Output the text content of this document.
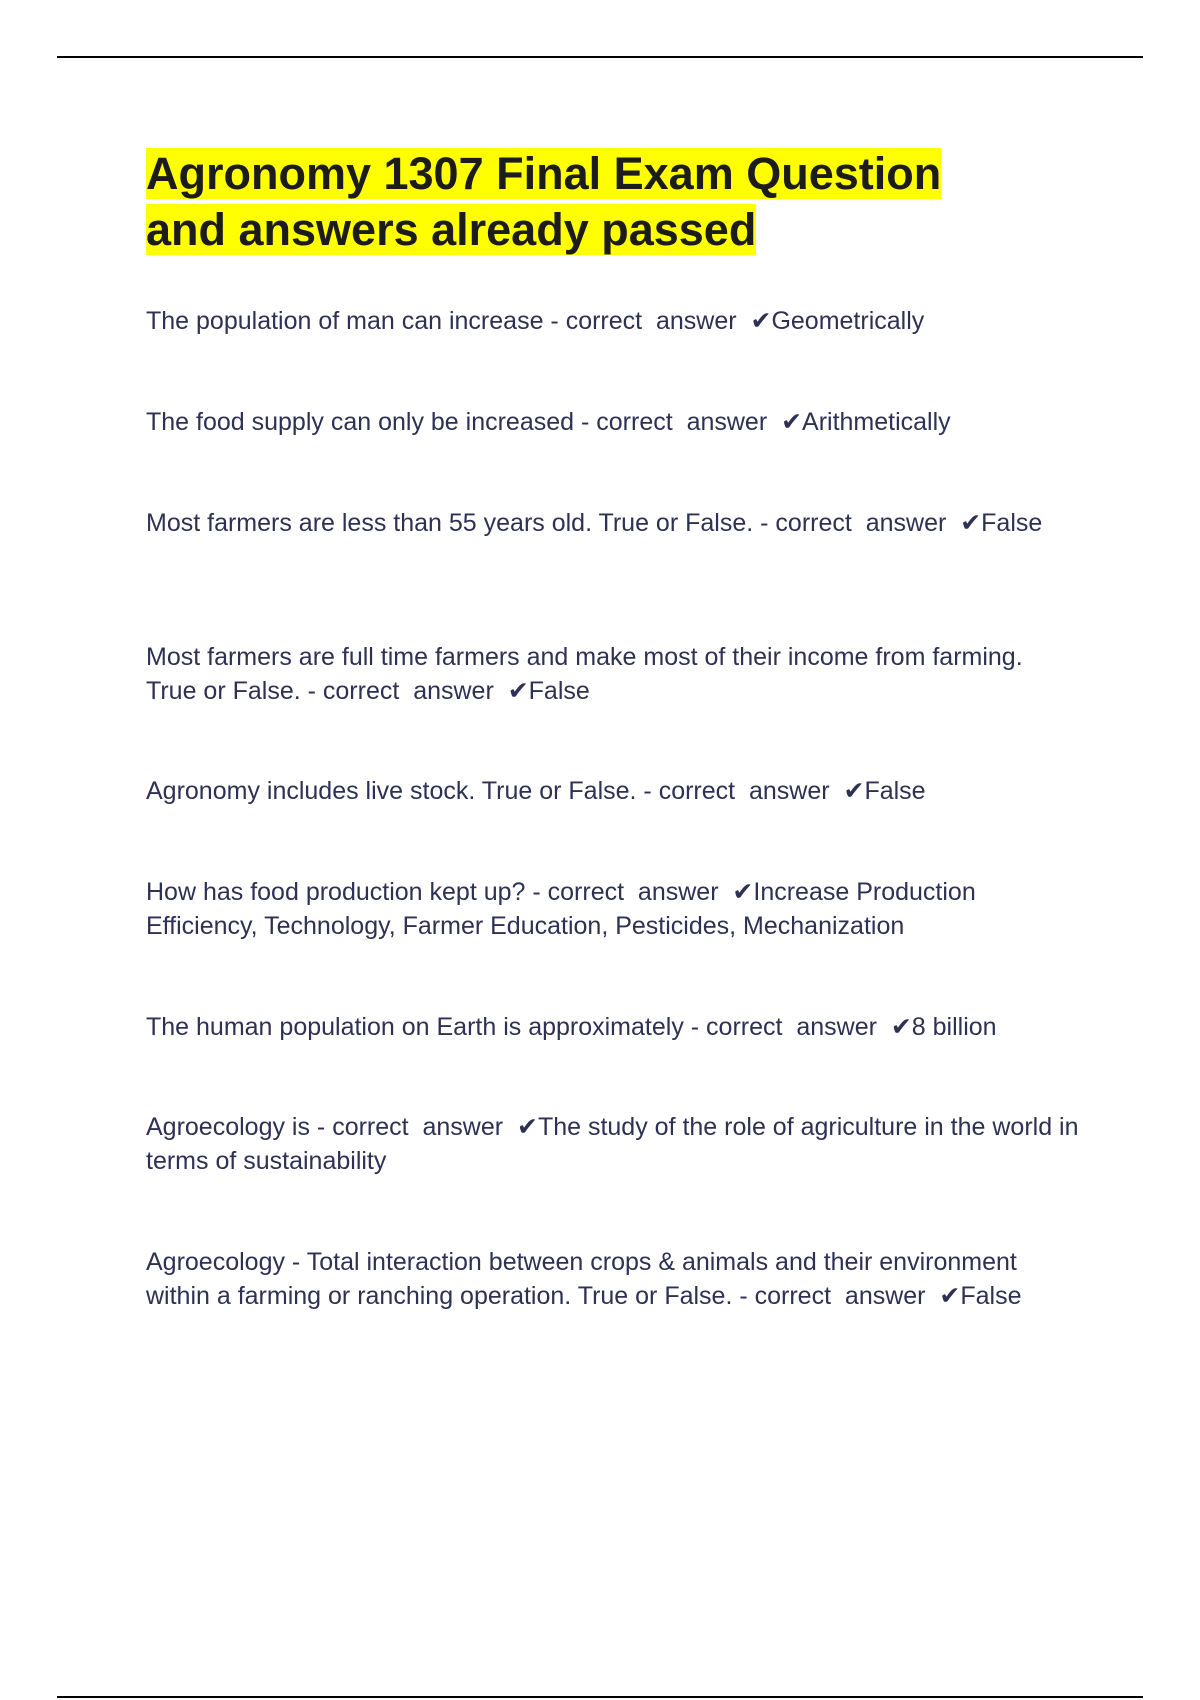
Agronomy 1307 Final Exam Question
and answers already passed
The population of man can increase - correct  answer  ✔Geometrically
The food supply can only be increased - correct  answer  ✔Arithmetically
Most farmers are less than 55 years old. True or False. - correct  answer  ✔False
Most farmers are full time farmers and make most of their income from farming. True or False. - correct  answer  ✔False
Agronomy includes live stock. True or False. - correct  answer  ✔False
How has food production kept up? - correct  answer  ✔Increase Production Efficiency, Technology, Farmer Education, Pesticides, Mechanization
The human population on Earth is approximately - correct  answer  ✔8 billion
Agroecology is - correct  answer  ✔The study of the role of agriculture in the world in terms of sustainability
Agroecology - Total interaction between crops & animals and their environment within a farming or ranching operation. True or False. - correct  answer  ✔False
